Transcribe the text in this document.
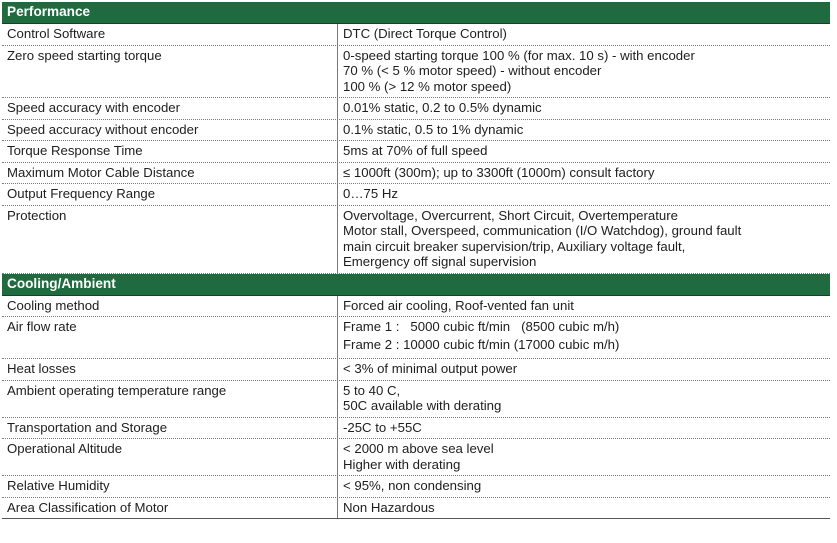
Performance
Control Software	DTC (Direct Torque Control)
Zero speed starting torque	0-speed starting torque 100 % (for max. 10 s) - with encoder
70 % (< 5 % motor speed) - without encoder
100 % (> 12 % motor speed)
Speed accuracy with encoder	0.01% static, 0.2 to 0.5% dynamic
Speed accuracy without encoder	0.1% static, 0.5 to 1% dynamic
Torque Response Time	5ms at 70% of full speed
Maximum Motor Cable Distance	≤ 1000ft (300m); up to 3300ft (1000m) consult factory
Output Frequency Range	0…75 Hz
Protection	Overvoltage, Overcurrent, Short Circuit, Overtemperature
Motor stall, Overspeed, communication (I/O Watchdog), ground fault
main circuit breaker supervision/trip, Auxiliary voltage fault,
Emergency off signal supervision
Cooling/Ambient
Cooling method	Forced air cooling, Roof-vented fan unit
Air flow rate	Frame 1 :   5000 cubic ft/min   (8500 cubic m/h)
Frame 2 : 10000 cubic ft/min (17000 cubic m/h)
Heat losses	< 3% of minimal output power
Ambient operating temperature range	5 to 40 C,
50C available with derating
Transportation and Storage	-25C to +55C
Operational Altitude	< 2000 m above sea level
Higher with derating
Relative Humidity	< 95%, non condensing
Area Classification of Motor	Non Hazardous
